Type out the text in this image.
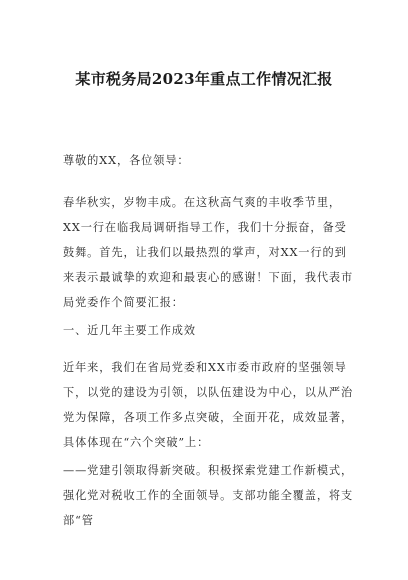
某市税务局2023年重点工作情况汇报

尊敬的XX，各位领导：

春华秋实，岁物丰成。在这秋高气爽的丰收季节里，XX一行在临我局调研指导工作，我们十分振奋，备受鼓舞。首先，让我们以最热烈的掌声，对XX一行的到来表示最诚挚的欢迎和最衷心的感谢！下面，我代表市局党委作个简要汇报：

一、近几年主要工作成效

近年来，我们在省局党委和XX市委市政府的坚强领导下，以党的建设为引领，以队伍建设为中心，以从严治党为保障，各项工作多点突破，全面开花，成效显著，具体体现在“六个突破”上：

——党建引领取得新突破。积极探索党建工作新模式，强化党对税收工作的全面领导。支部功能全覆盖，将支部“管
